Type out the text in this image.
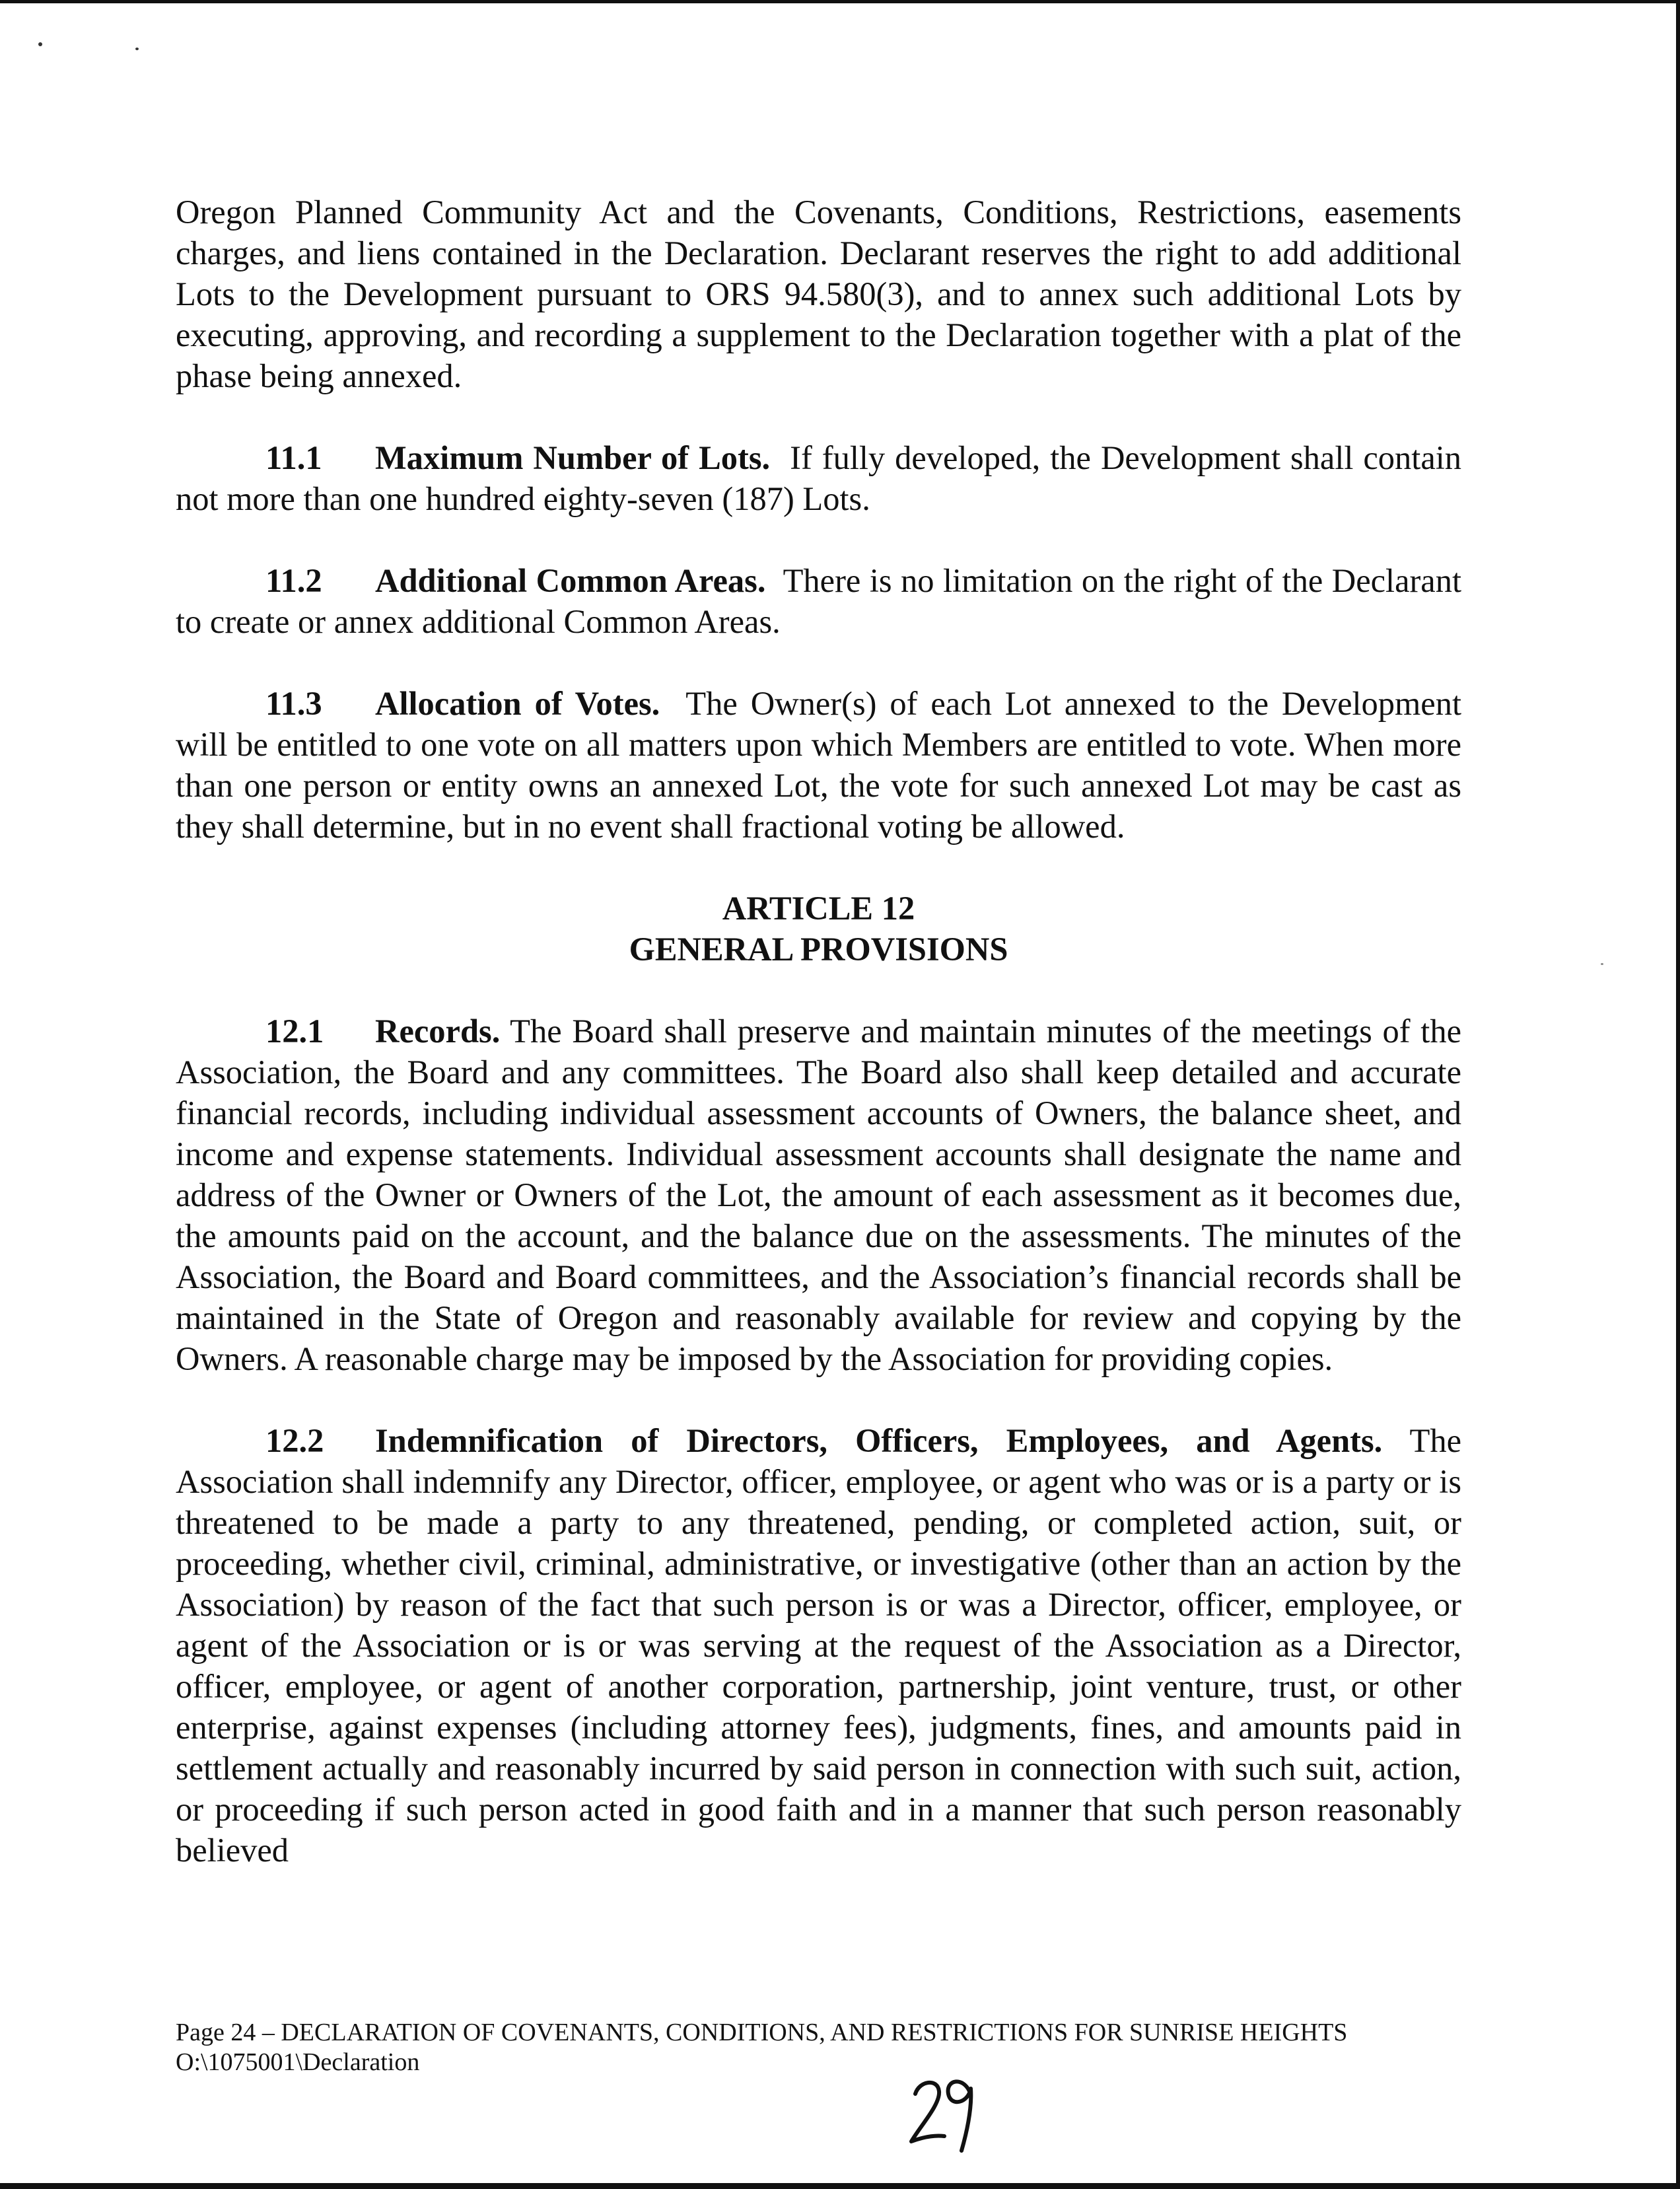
Oregon Planned Community Act and the Covenants, Conditions, Restrictions, easements charges, and liens contained in the Declaration. Declarant reserves the right to add additional Lots to the Development pursuant to ORS 94.580(3), and to annex such additional Lots by executing, approving, and recording a supplement to the Declaration together with a plat of the phase being annexed.

11.1 Maximum Number of Lots. If fully developed, the Development shall contain not more than one hundred eighty-seven (187) Lots.

11.2 Additional Common Areas. There is no limitation on the right of the Declarant to create or annex additional Common Areas.

11.3 Allocation of Votes. The Owner(s) of each Lot annexed to the Development will be entitled to one vote on all matters upon which Members are entitled to vote. When more than one person or entity owns an annexed Lot, the vote for such annexed Lot may be cast as they shall determine, but in no event shall fractional voting be allowed.

ARTICLE 12

GENERAL PROVISIONS

12.1 Records. The Board shall preserve and maintain minutes of the meetings of the Association, the Board and any committees. The Board also shall keep detailed and accurate financial records, including individual assessment accounts of Owners, the balance sheet, and income and expense statements. Individual assessment accounts shall designate the name and address of the Owner or Owners of the Lot, the amount of each assessment as it becomes due, the amounts paid on the account, and the balance due on the assessments. The minutes of the Association, the Board and Board committees, and the Association’s financial records shall be maintained in the State of Oregon and reasonably available for review and copying by the Owners. A reasonable charge may be imposed by the Association for providing copies.

12.2 Indemnification of Directors, Officers, Employees, and Agents. The Association shall indemnify any Director, officer, employee, or agent who was or is a party or is threatened to be made a party to any threatened, pending, or completed action, suit, or proceeding, whether civil, criminal, administrative, or investigative (other than an action by the Association) by reason of the fact that such person is or was a Director, officer, employee, or agent of the Association or is or was serving at the request of the Association as a Director, officer, employee, or agent of another corporation, partnership, joint venture, trust, or other enterprise, against expenses (including attorney fees), judgments, fines, and amounts paid in settlement actually and reasonably incurred by said person in connection with such suit, action, or proceeding if such person acted in good faith and in a manner that such person reasonably believed

Page 24 – DECLARATION OF COVENANTS, CONDITIONS, AND RESTRICTIONS FOR SUNRISE HEIGHTS
O:\1075001\Declaration
